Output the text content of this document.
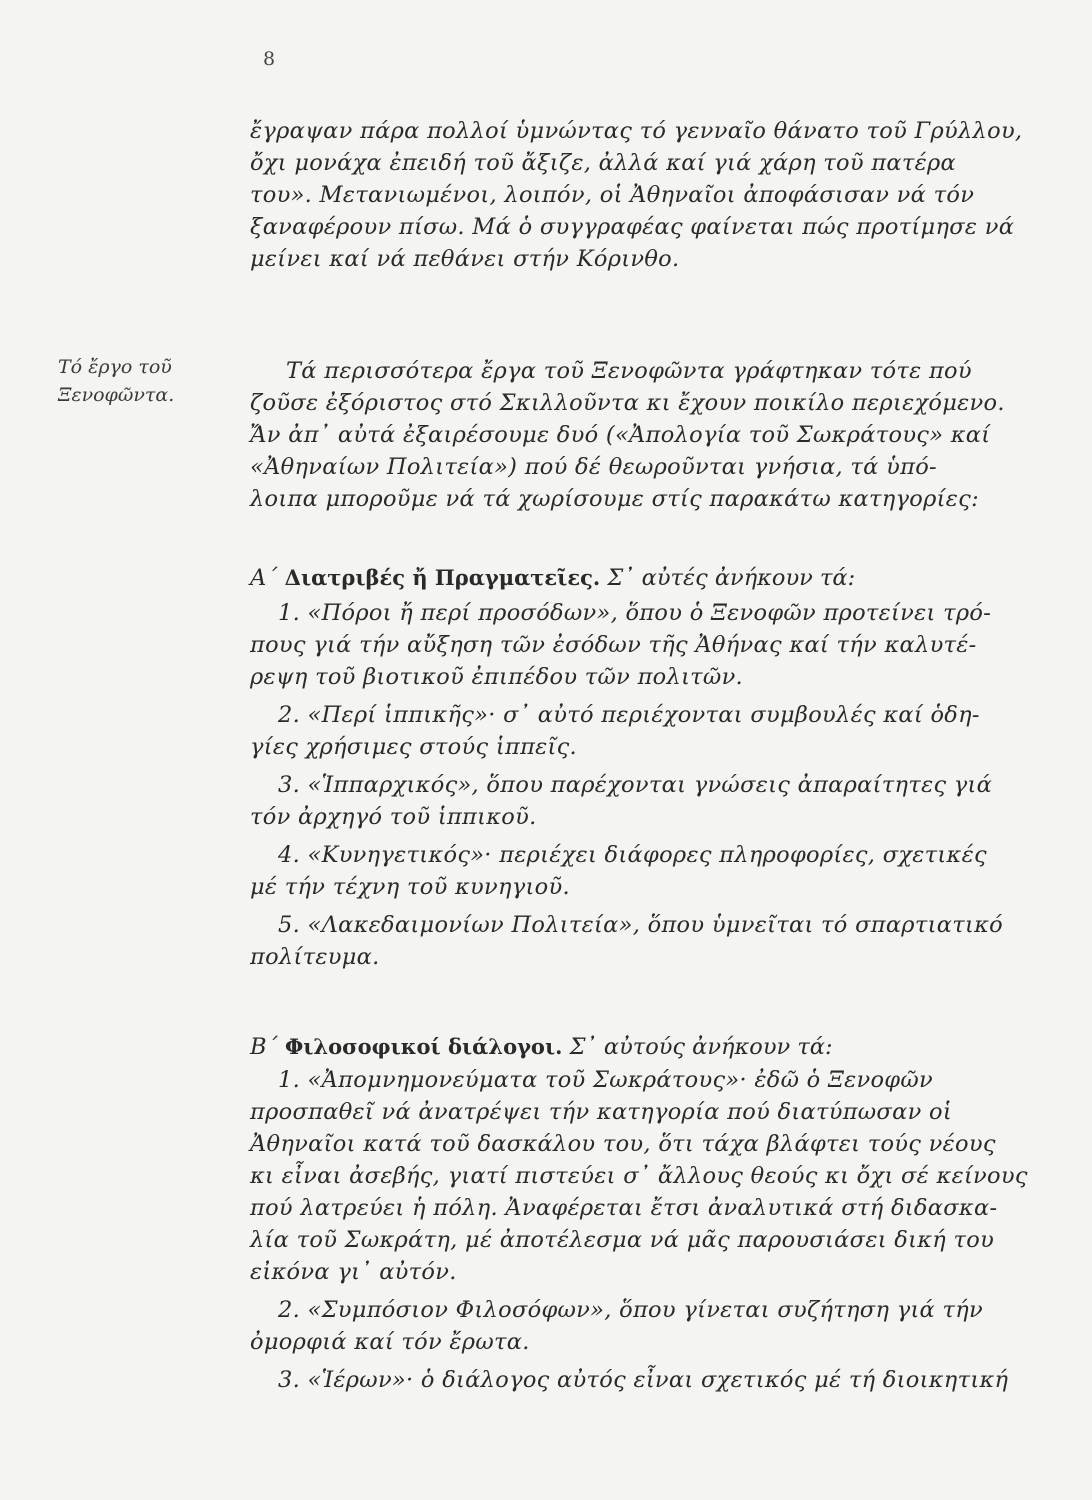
8
Τό ἔργο τοῦ
Ξενοφῶντα.
ἔγραψαν πάρα πολλοί ὑμνώντας τό γενναῖο θάνατο τοῦ Γρύλλου,
ὄχι μονάχα ἐπειδή τοῦ ἄξιζε, ἀλλά καί γιά χάρη τοῦ πατέρα
του». Μετανιωμένοι, λοιπόν, οἱ Ἀθηναῖοι ἀποφάσισαν νά τόν
ξαναφέρουν πίσω. Μά ὁ συγγραφέας φαίνεται πώς προτίμησε νά
μείνει καί νά πεθάνει στήν Κόρινθο.
Τά περισσότερα ἔργα τοῦ Ξενοφῶντα γράφτηκαν τότε πού
ζοῦσε ἐξόριστος στό Σκιλλοῦντα κι ἔχουν ποικίλο περιεχόμενο.
Ἄν ἀπ᾽ αὐτά ἐξαιρέσουμε δυό («Ἀπολογία τοῦ Σωκράτους» καί
«Ἀθηναίων Πολιτεία») πού δέ θεωροῦνται γνήσια, τά ὑπό-
λοιπα μποροῦμε νά τά χωρίσουμε στίς παρακάτω κατηγορίες:
Α΄ Διατριβές ἤ Πραγματεῖες. Σ᾽ αὐτές ἀνήκουν τά:
1. «Πόροι ἤ περί προσόδων», ὅπου ὁ Ξενοφῶν προτείνει τρό-
πους γιά τήν αὔξηση τῶν ἐσόδων τῆς Ἀθήνας καί τήν καλυτέ-
ρεψη τοῦ βιοτικοῦ ἐπιπέδου τῶν πολιτῶν.
2. «Περί ἱππικῆς»· σ᾽ αὐτό περιέχονται συμβουλές καί ὁδη-
γίες χρήσιμες στούς ἱππεῖς.
3. «Ἱππαρχικός», ὅπου παρέχονται γνώσεις ἀπαραίτητες γιά
τόν ἀρχηγό τοῦ ἱππικοῦ.
4. «Κυνηγετικός»· περιέχει διάφορες πληροφορίες, σχετικές
μέ τήν τέχνη τοῦ κυνηγιοῦ.
5. «Λακεδαιμονίων Πολιτεία», ὅπου ὑμνεῖται τό σπαρτιατικό
πολίτευμα.
Β΄ Φιλοσοφικοί διάλογοι. Σ᾽ αὐτούς ἀνήκουν τά:
1. «Ἀπομνημονεύματα τοῦ Σωκράτους»· ἐδῶ ὁ Ξενοφῶν
προσπαθεῖ νά ἀνατρέψει τήν κατηγορία πού διατύπωσαν οἱ
Ἀθηναῖοι κατά τοῦ δασκάλου του, ὅτι τάχα βλάφτει τούς νέους
κι εἶναι ἀσεβής, γιατί πιστεύει σ᾽ ἄλλους θεούς κι ὄχι σέ κείνους
πού λατρεύει ἡ πόλη. Ἀναφέρεται ἔτσι ἀναλυτικά στή διδασκα-
λία τοῦ Σωκράτη, μέ ἀποτέλεσμα νά μᾶς παρουσιάσει δική του
εἰκόνα γι᾽ αὐτόν.
2. «Συμπόσιον Φιλοσόφων», ὅπου γίνεται συζήτηση γιά τήν
ὀμορφιά καί τόν ἔρωτα.
3. «Ἱέρων»· ὁ διάλογος αὐτός εἶναι σχετικός μέ τή διοικητική
